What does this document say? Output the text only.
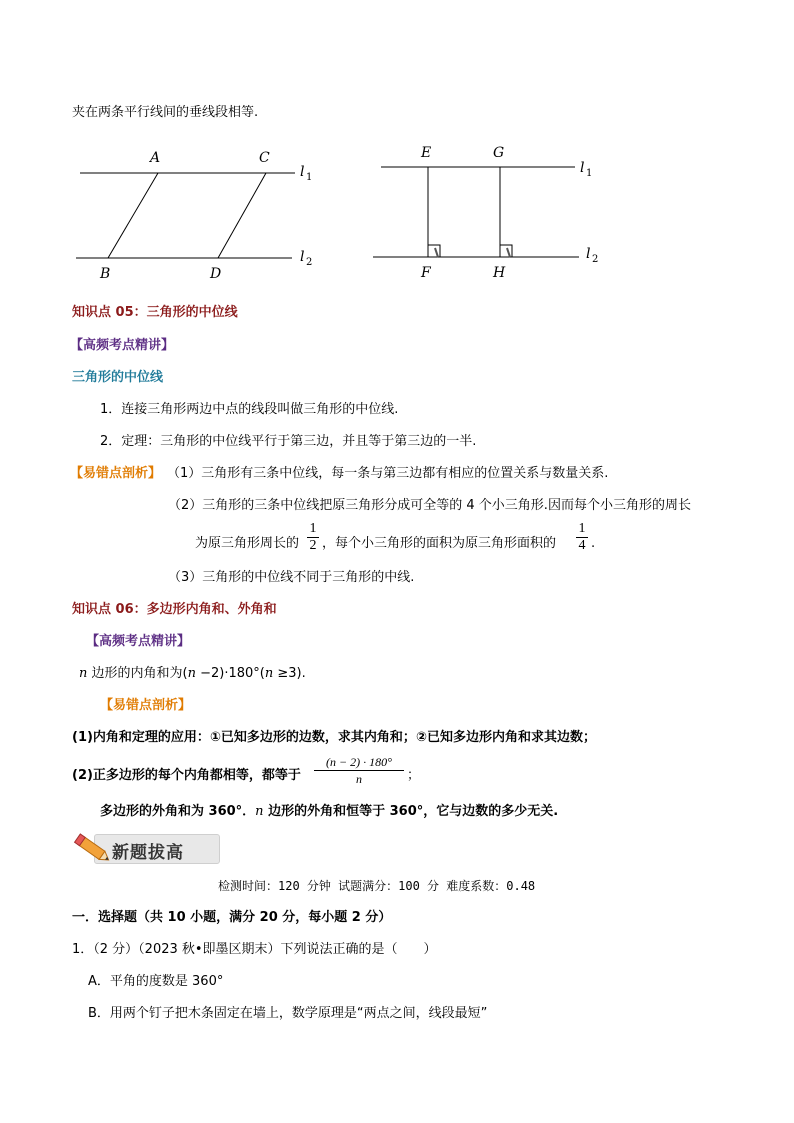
夹在两条平行线间的垂线段相等.
A	C
B	D
l 1
l 2
E	G
F	H
l 1
l 2
知识点 05：三角形的中位线
【高频考点精讲】
三角形的中位线
1．连接三角形两边中点的线段叫做三角形的中位线.
2．定理：三角形的中位线平行于第三边，并且等于第三边的一半.
【易错点剖析】 （1）三角形有三条中位线，每一条与第三边都有相应的位置关系与数量关系.
（2）三角形的三条中位线把原三角形分成可全等的 4 个小三角形.因而每个小三角形的周长
为原三角形周长的
1
2 ，每个小三角形的面积为原三角形面积的
1
4 .
（3）三角形的中位线不同于三角形的中线.
知识点 06：多边形内角和、外角和
【高频考点精讲】
n 边形的内角和为(n −2)·180°(n ≥3).
【易错点剖析】
(1)内角和定理的应用：①已知多边形的边数，求其内角和；②已知多边形内角和求其边数；
(2)正多边形的每个内角都相等，都等于
(n − 2) · 180°
n	；
多边形的外角和为 360°．n 边形的外角和恒等于 360°，它与边数的多少无关.
新题拔高
检测时间：120 分钟 试题满分：100 分 难度系数：0.48
一．选择题（共 10 小题，满分 20 分，每小题 2 分）
1．（2 分）（2023 秋•即墨区期末）下列说法正确的是（　　）
A．平角的度数是 360°
B．用两个钉子把木条固定在墙上，数学原理是“两点之间，线段最短”
